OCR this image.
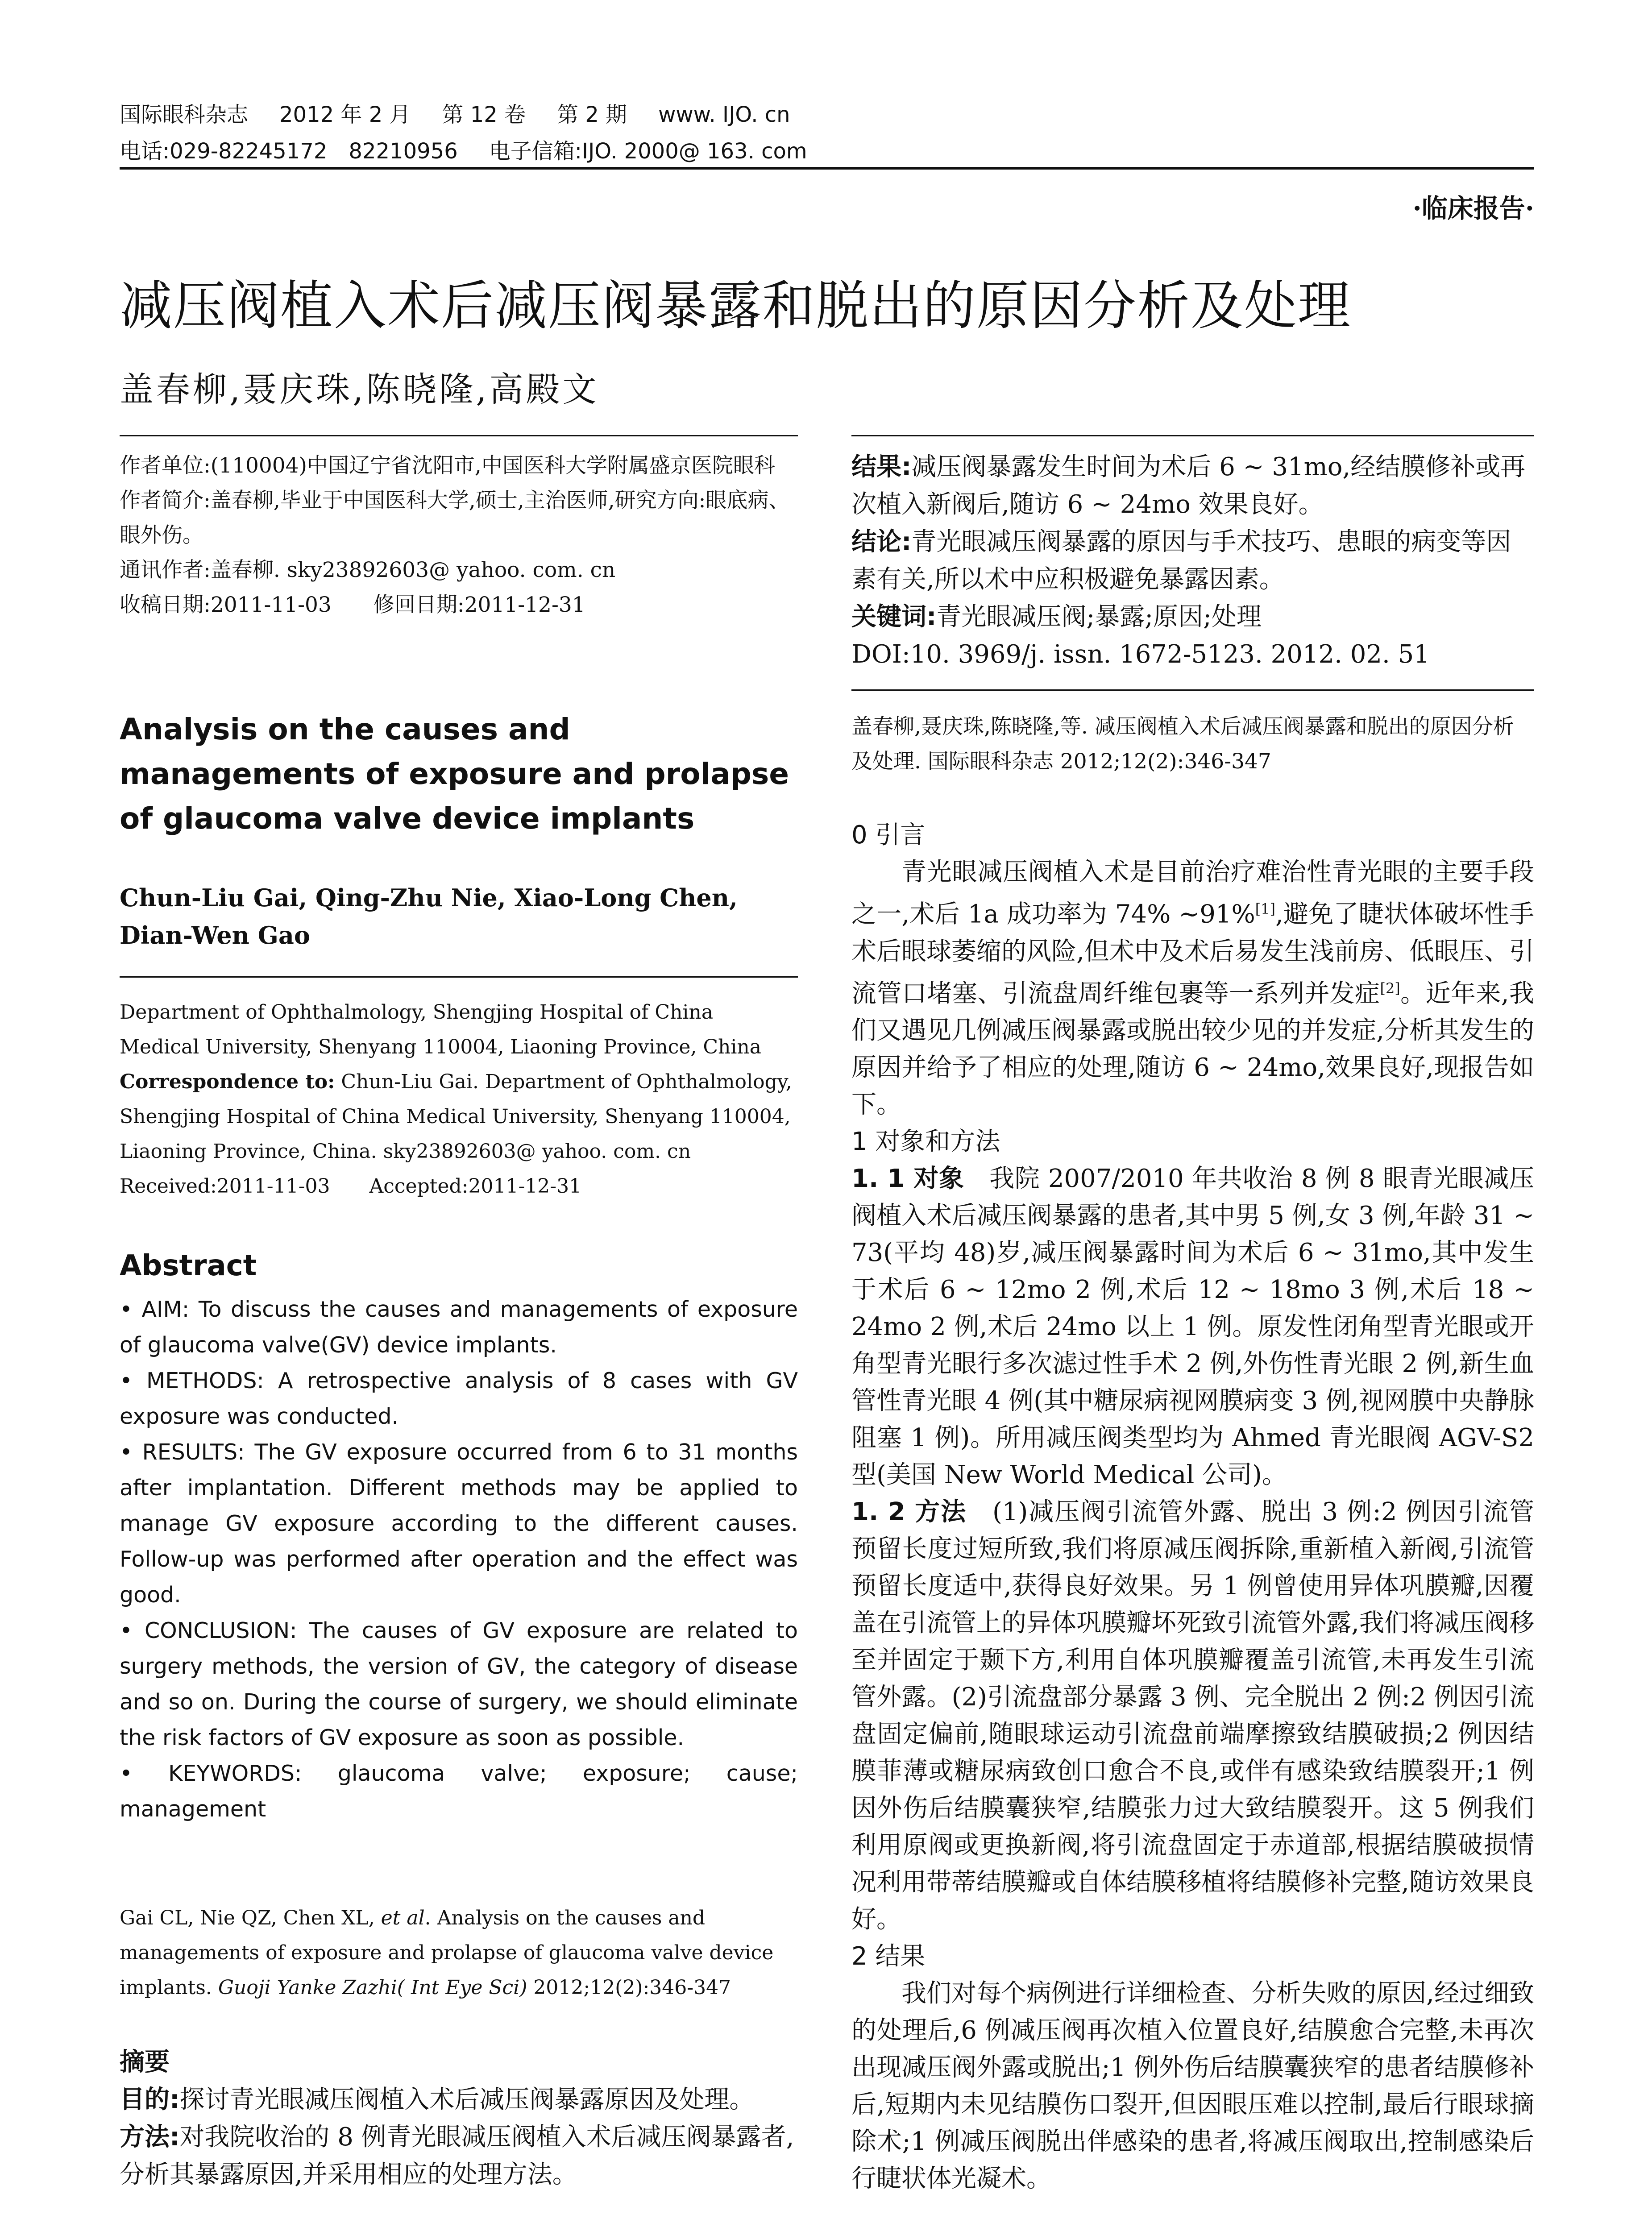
国际眼科杂志 2012 年 2 月 第 12 卷 第 2 期 www. IJO. cn
电话:029-82245172　82210956 电子信箱:IJO. 2000@ 163. com
·临床报告·
减压阀植入术后减压阀暴露和脱出的原因分析及处理
盖春柳,聂庆珠,陈晓隆,高殿文
作者单位:(110004)中国辽宁省沈阳市,中国医科大学附属盛京医院眼科
作者简介:盖春柳,毕业于中国医科大学,硕士,主治医师,研究方向:眼底病、眼外伤。
通讯作者:盖春柳. sky23892603@ yahoo. com. cn
收稿日期:2011-11-03　　修回日期:2011-12-31
Analysis on the causes and managements of exposure and prolapse of glaucoma valve device implants
Chun-Liu Gai, Qing-Zhu Nie, Xiao-Long Chen, Dian-Wen Gao
Department of Ophthalmology, Shengjing Hospital of China Medical University, Shenyang 110004, Liaoning Province, China
Correspondence to: Chun-Liu Gai. Department of Ophthalmology, Shengjing Hospital of China Medical University, Shenyang 110004, Liaoning Province, China. sky23892603@ yahoo. com. cn
Received:2011-11-03　　Accepted:2011-12-31
Abstract

• AIM: To discuss the causes and managements of exposure of glaucoma valve(GV) device implants.

• METHODS: A retrospective analysis of 8 cases with GV exposure was conducted.

• RESULTS: The GV exposure occurred from 6 to 31 months after implantation. Different methods may be applied to manage GV exposure according to the different causes. Follow-up was performed after operation and the effect was good.

• CONCLUSION: The causes of GV exposure are related to surgery methods, the version of GV, the category of disease and so on. During the course of surgery, we should eliminate the risk factors of GV exposure as soon as possible.

• KEYWORDS: glaucoma valve; exposure; cause; management

Gai CL, Nie QZ, Chen XL, et al. Analysis on the causes and managements of exposure and prolapse of glaucoma valve device implants. Guoji Yanke Zazhi( Int Eye Sci) 2012;12(2):346-347

摘要

目的:探讨青光眼减压阀植入术后减压阀暴露原因及处理。

方法:对我院收治的 8 例青光眼减压阀植入术后减压阀暴露者,分析其暴露原因,并采用相应的处理方法。

结果:减压阀暴露发生时间为术后 6 ~ 31mo,经结膜修补或再次植入新阀后,随访 6 ~ 24mo 效果良好。

结论:青光眼减压阀暴露的原因与手术技巧、患眼的病变等因素有关,所以术中应积极避免暴露因素。

关键词:青光眼减压阀;暴露;原因;处理

DOI:10. 3969/j. issn. 1672-5123. 2012. 02. 51

盖春柳,聂庆珠,陈晓隆,等. 减压阀植入术后减压阀暴露和脱出的原因分析及处理. 国际眼科杂志 2012;12(2):346-347

0 引言

青光眼减压阀植入术是目前治疗难治性青光眼的主要手段之一,术后 1a 成功率为 74% ~91%[1],避免了睫状体破坏性手术后眼球萎缩的风险,但术中及术后易发生浅前房、低眼压、引流管口堵塞、引流盘周纤维包裹等一系列并发症[2]。近年来,我们又遇见几例减压阀暴露或脱出较少见的并发症,分析其发生的原因并给予了相应的处理,随访 6 ~ 24mo,效果良好,现报告如下。

1 对象和方法

1. 1 对象　我院 2007/2010 年共收治 8 例 8 眼青光眼减压阀植入术后减压阀暴露的患者,其中男 5 例,女 3 例,年龄 31 ~ 73(平均 48)岁,减压阀暴露时间为术后 6 ~ 31mo,其中发生于术后 6 ~ 12mo 2 例,术后 12 ~ 18mo 3 例,术后 18 ~ 24mo 2 例,术后 24mo 以上 1 例。原发性闭角型青光眼或开角型青光眼行多次滤过性手术 2 例,外伤性青光眼 2 例,新生血管性青光眼 4 例(其中糖尿病视网膜病变 3 例,视网膜中央静脉阻塞 1 例)。所用减压阀类型均为 Ahmed 青光眼阀 AGV-S2 型(美国 New World Medical 公司)。

1. 2 方法　(1)减压阀引流管外露、脱出 3 例:2 例因引流管预留长度过短所致,我们将原减压阀拆除,重新植入新阀,引流管预留长度适中,获得良好效果。另 1 例曾使用异体巩膜瓣,因覆盖在引流管上的异体巩膜瓣坏死致引流管外露,我们将减压阀移至并固定于颞下方,利用自体巩膜瓣覆盖引流管,未再发生引流管外露。(2)引流盘部分暴露 3 例、完全脱出 2 例:2 例因引流盘固定偏前,随眼球运动引流盘前端摩擦致结膜破损;2 例因结膜菲薄或糖尿病致创口愈合不良,或伴有感染致结膜裂开;1 例因外伤后结膜囊狭窄,结膜张力过大致结膜裂开。这 5 例我们利用原阀或更换新阀,将引流盘固定于赤道部,根据结膜破损情况利用带蒂结膜瓣或自体结膜移植将结膜修补完整,随访效果良好。

2 结果

我们对每个病例进行详细检查、分析失败的原因,经过细致的处理后,6 例减压阀再次植入位置良好,结膜愈合完整,未再次出现减压阀外露或脱出;1 例外伤后结膜囊狭窄的患者结膜修补后,短期内未见结膜伤口裂开,但因眼压难以控制,最后行眼球摘除术;1 例减压阀脱出伴感染的患者,将减压阀取出,控制感染后行睫状体光凝术。
